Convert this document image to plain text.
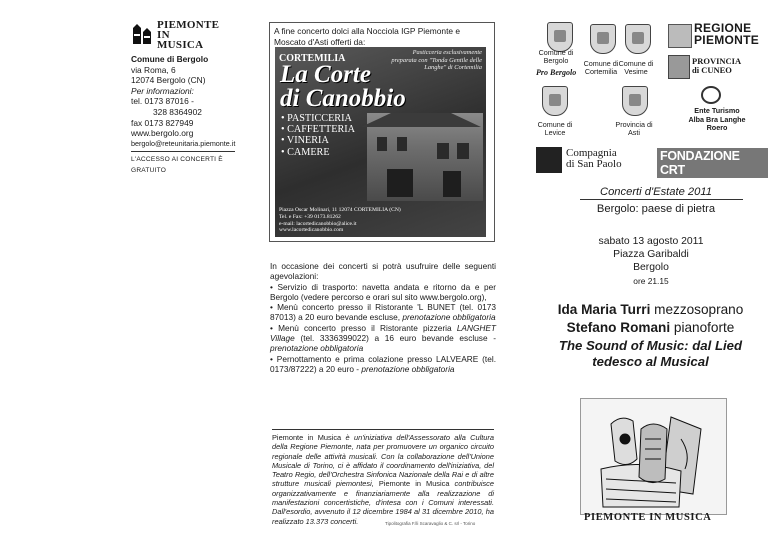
PIEMONTE
IN
MUSICA
Comune di Bergolo
via Roma, 6
12074 Bergolo (CN)
Per informazioni:
tel. 0173 87016 -
328 8364902
fax 0173 827949
www.bergolo.org
bergolo@reteunitaria.piemonte.it
L'ACCESSO AI CONCERTI È GRATUITO
A fine concerto dolci alla Nocciola IGP Piemonte e Moscato d'Asti offerti da:
CORTEMILIA
Pasticceria esclusivamente preparata con "Tonda Gentile delle Langhe" di Cortemilia
La Corte
di Canobbio
• PASTICCERIA
• CAFFETTERIA
• VINERIA
• CAMERE
Piazza Oscar Molinari, 11 12074 CORTEMILIA (CN)
Tel. e Fax: +39 0173.81262
e-mail: lacortedicanobbio@alice.it
www.lacortedicanobbio.com
In occasione dei concerti si potrà usufruire delle seguenti agevolazioni:
• Servizio di trasporto: navetta andata e ritorno da e per Bergolo (vedere percorso e orari sul sito www.bergolo.org),
• Menù concerto presso il Ristorante 'L BUNET (tel. 0173 87013) a 20 euro bevande escluse, prenotazione obbligatoria
• Menù concerto presso il Ristorante pizzeria LANGHET Village (tel. 3336399022) a 16 euro bevande escluse - prenotazione obbligatoria
• Pernottamento e prima colazione presso LALVEARE (tel. 0173/87222) a 20 euro - prenotazione obbligatoria
Piemonte in Musica è un'iniziativa dell'Assessorato alla Cultura della Regione Piemonte, nata per promuovere un organico circuito regionale delle attività musicali. Con la collaborazione dell'Unione Musicale di Torino, ci è affidato il coordinamento dell'iniziativa, del Teatro Regio, dell'Orchestra Sinfonica Nazionale della Rai e di altre strutture musicali piemontesi, Piemonte in Musica contribuisce organizzativamente e finanziariamente alla realizzazione di manifestazioni concertistiche, d'intesa con i Comuni interessati. Dall'esordio, avvenuto il 12 dicembre 1984 al 31 dicembre 2010, ha realizzato 13.373 concerti.	Tipolitografia F.lli Scaravaglio & C. srl - Torino
Comune di Bergolo
Pro Bergolo
Comune di Cortemilia
Comune di Vesime
REGIONE
PIEMONTE
PROVINCIA
di CUNEO
Comune di Levice
Provincia di Asti
Ente Turismo Alba Bra Langhe Roero
Compagnia
di San Paolo
FONDAZIONE CRT
Concerti d'Estate 2011
Bergolo: paese di pietra
sabato 13 agosto 2011
Piazza Garibaldi
Bergolo
ore 21.15
Ida Maria Turri mezzosoprano
Stefano Romani pianoforte
The Sound of Music: dal Lied
tedesco al Musical
PIEMONTE IN MUSICA
